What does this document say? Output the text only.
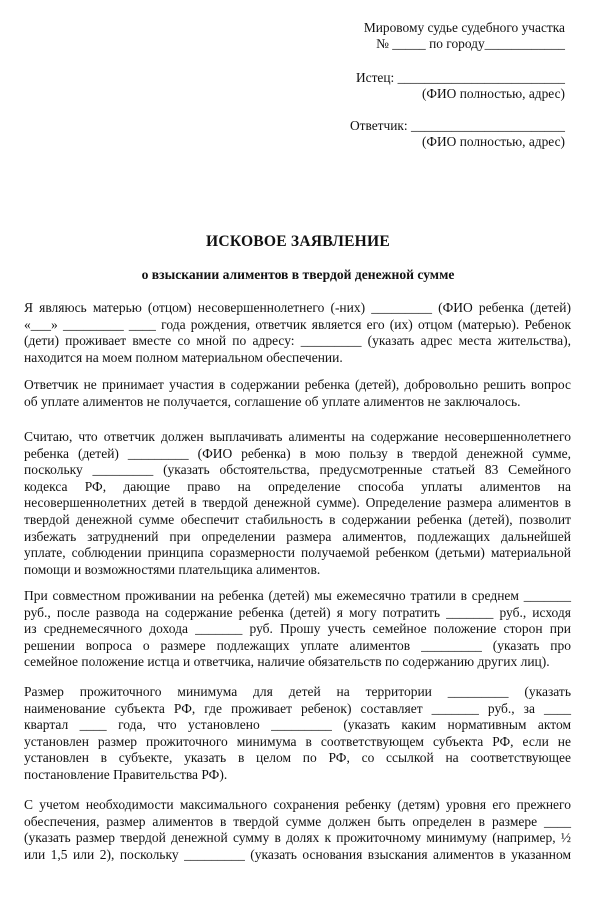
Мировому судье судебного участка
№ _____ по городу____________
Истец: _________________________
(ФИО полностью, адрес)
Ответчик: _______________________
(ФИО полностью, адрес)
ИСКОВОЕ ЗАЯВЛЕНИЕ
о взыскании алиментов в твердой денежной сумме
Я являюсь матерью (отцом) несовершеннолетнего (-них) _________ (ФИО ребенка (детей)
«___» _________ ____ года рождения, ответчик является его (их) отцом (матерью). Ребенок
(дети) проживает вместе со мной по адресу: _________ (указать адрес места жительства),
находится на моем полном материальном обеспечении.
Ответчик не принимает участия в содержании ребенка (детей), добровольно решить вопрос
об уплате алиментов не получается, соглашение об уплате алиментов не заключалось.
Считаю, что ответчик должен выплачивать алименты на содержание несовершеннолетнего
ребенка (детей) _________ (ФИО ребенка) в мою пользу в твердой денежной сумме,
поскольку _________ (указать обстоятельства, предусмотренные статьей 83 Семейного
кодекса РФ, дающие право на определение способа уплаты алиментов на
несовершеннолетних детей в твердой денежной сумме). Определение размера алиментов в
твердой денежной сумме обеспечит стабильность в содержании ребенка (детей), позволит
избежать затруднений при определении размера алиментов, подлежащих дальнейшей
уплате, соблюдении принципа соразмерности получаемой ребенком (детьми) материальной
помощи и возможностями плательщика алиментов.
При совместном проживании на ребенка (детей) мы ежемесячно тратили в среднем _______
руб., после развода на содержание ребенка (детей) я могу потратить _______ руб., исходя
из среднемесячного дохода _______ руб. Прошу учесть семейное положение сторон при
решении вопроса о размере подлежащих уплате алиментов _________ (указать про
семейное положение истца и ответчика, наличие обязательств по содержанию других лиц).
Размер прожиточного минимума для детей на территории _________ (указать
наименование субъекта РФ, где проживает ребенок) составляет _______ руб., за ____
квартал ____ года, что установлено _________ (указать каким нормативным актом
установлен размер прожиточного минимума в соответствующем субъекта РФ, если не
установлен в субъекте, указать в целом по РФ, со ссылкой на соответствующее
постановление Правительства РФ).
С учетом необходимости максимального сохранения ребенку (детям) уровня его прежнего
обеспечения, размер алиментов в твердой сумме должен быть определен в размере ____
(указать размер твердой денежной сумму в долях к прожиточному минимуму (например, ½
или 1,5 или 2), поскольку _________ (указать основания взыскания алиментов в указанном
